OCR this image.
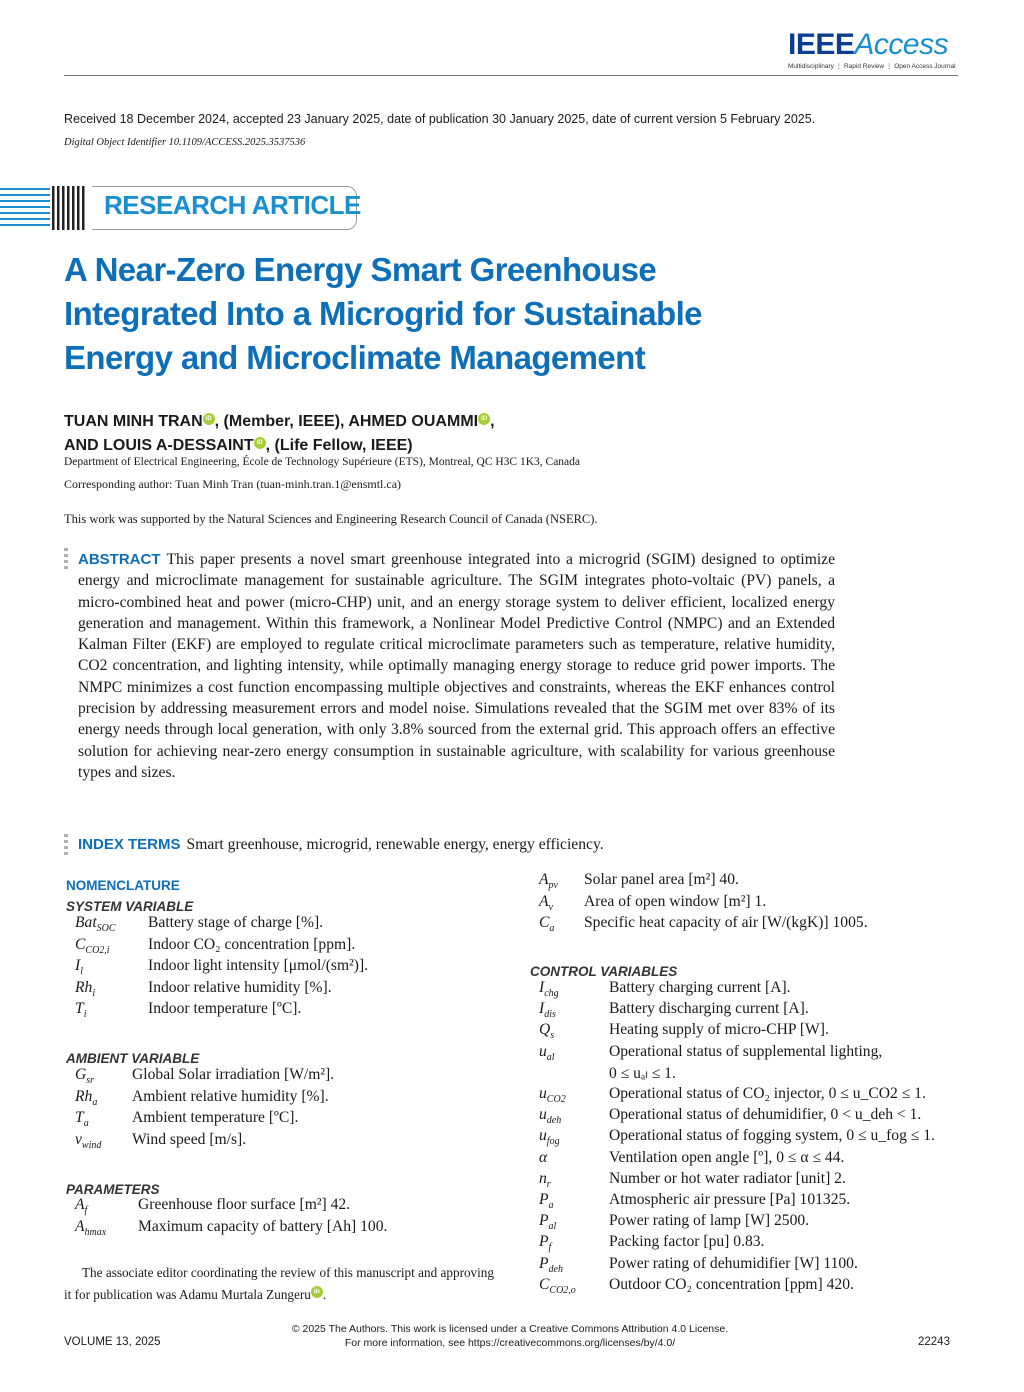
IEEEAccess
Multidisciplinary ⋮ Rapid Review ⋮ Open Access Journal
Received 18 December 2024, accepted 23 January 2025, date of publication 30 January 2025, date of current version 5 February 2025.
Digital Object Identifier 10.1109/ACCESS.2025.3537536
RESEARCH ARTICLE
A Near-Zero Energy Smart Greenhouse
Integrated Into a Microgrid for Sustainable
Energy and Microclimate Management
TUAN MINH TRAN iD , (Member, IEEE), AHMED OUAMMI iD ,
AND LOUIS A-DESSAINT iD , (Life Fellow, IEEE)
Department of Electrical Engineering, École de Technology Supérieure (ETS), Montreal, QC H3C 1K3, Canada
Corresponding author: Tuan Minh Tran (tuan-minh.tran.1@ensmtl.ca)
This work was supported by the Natural Sciences and Engineering Research Council of Canada (NSERC).
ABSTRACT This paper presents a novel smart greenhouse integrated into a microgrid (SGIM) designed to optimize energy and microclimate management for sustainable agriculture. The SGIM integrates photo-voltaic (PV) panels, a micro-combined heat and power (micro-CHP) unit, and an energy storage system to deliver efficient, localized energy generation and management. Within this framework, a Nonlinear Model Predictive Control (NMPC) and an Extended Kalman Filter (EKF) are employed to regulate critical microclimate parameters such as temperature, relative humidity, CO2 concentration, and lighting intensity, while optimally managing energy storage to reduce grid power imports. The NMPC minimizes a cost function encompassing multiple objectives and constraints, whereas the EKF enhances control precision by addressing measurement errors and model noise. Simulations revealed that the SGIM met over 83% of its energy needs through local generation, with only 3.8% sourced from the external grid. This approach offers an effective solution for achieving near-zero energy consumption in sustainable agriculture, with scalability for various greenhouse types and sizes.
INDEX TERMS Smart greenhouse, microgrid, renewable energy, energy efficiency.
NOMENCLATURE
SYSTEM VARIABLE
Bat$_{SOC}$ Battery stage of charge [%].
$C_{CO2,i}$ Indoor CO₂ concentration [ppm].
$I_l$	Indoor light intensity [μmol/(sm²)].
$Rh_i$	Indoor relative humidity [%].
$T_i$	Indoor temperature [ºC].
AMBIENT VARIABLE
$G_{sr}$ Global Solar irradiation [W/m²].
$Rh_a$ Ambient relative humidity [%].
$T_a$	Ambient temperature [ºC].
$v_{wind}$ Wind speed [m/s].
PARAMETERS
$A_f$	Greenhouse floor surface [m²] 42.
$A_{hmax}$ Maximum capacity of battery [Ah] 100.
The associate editor coordinating the review of this manuscript and approving it for publication was Adamu Murtala Zungeru iD .
$A_{pv}$ Solar panel area [m²] 40.
$A_v$ Area of open window [m²] 1.
$C_a$ Specific heat capacity of air [W/(kgK)] 1005.
CONTROL VARIABLES
$I_{chg}$	Battery charging current [A].
$I_{dis}$	Battery discharging current [A].
$Q_s$	Heating supply of micro-CHP [W].
$u_{al}$	Operational status of supplemental lighting,
0 ≤ uₐₗ ≤ 1.
$u_{CO2}$	Operational status of CO₂ injector, 0 ≤ u_CO2 ≤ 1.
$u_{deh}$	Operational status of dehumidifier, 0 < u_deh < 1.
$u_{fog}$	Operational status of fogging system, 0 ≤ u_fog ≤ 1.
α	Ventilation open angle [º], 0 ≤ α ≤ 44.
$n_r$	Number or hot water radiator [unit] 2.
$P_a$	Atmospheric air pressure [Pa] 101325.
$P_{al}$	Power rating of lamp [W] 2500.
$P_f$	Packing factor [pu] 0.83.
$P_{deh}$	Power rating of dehumidifier [W] 1100.
$C_{CO2,o}$ Outdoor CO₂ concentration [ppm] 420.
VOLUME 13, 2025
© 2025 The Authors. This work is licensed under a Creative Commons Attribution 4.0 License.
For more information, see https://creativecommons.org/licenses/by/4.0/	22243
